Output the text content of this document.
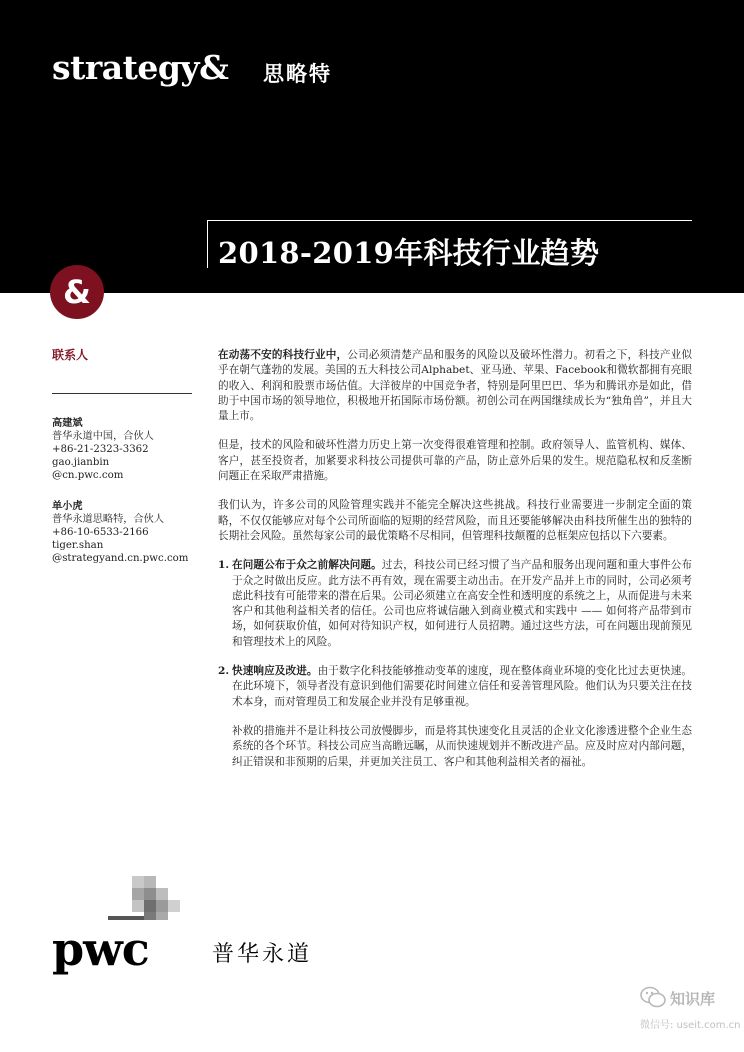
strategy& 思略特
2018-2019年科技行业趋势
&
联系人
高建斌
普华永道中国，合伙人
+86-21-2323-3362
gao.jianbin
@cn.pwc.com
单小虎
普华永道思略特，合伙人
+86-10-6533-2166
tiger.shan
@strategyand.cn.pwc.com

在动荡不安的科技行业中，公司必须清楚产品和服务的风险以及破坏性潜力。初看之下，科技产业似乎在朝气蓬勃的发展。美国的五大科技公司Alphabet、亚马逊、苹果、Facebook和微软都拥有亮眼的收入、利润和股票市场估值。大洋彼岸的中国竞争者，特别是阿里巴巴、华为和腾讯亦是如此，借助于中国市场的领导地位，积极地开拓国际市场份额。初创公司在两国继续成长为“独角兽”，并且大量上市。

但是，技术的风险和破坏性潜力历史上第一次变得很难管理和控制。政府领导人、监管机构、媒体、客户，甚至投资者，加紧要求科技公司提供可靠的产品，防止意外后果的发生。规范隐私权和反垄断问题正在采取严肃措施。

我们认为，许多公司的风险管理实践并不能完全解决这些挑战。科技行业需要进一步制定全面的策略，不仅仅能够应对每个公司所面临的短期的经营风险，而且还要能够解决由科技所催生出的独特的长期社会风险。虽然每家公司的最优策略不尽相同，但管理科技颠覆的总框架应包括以下六要素。

1. 在问题公布于众之前解决问题。过去，科技公司已经习惯了当产品和服务出现问题和重大事件公布于众之时做出反应。此方法不再有效，现在需要主动出击。在开发产品并上市的同时，公司必须考虑此科技有可能带来的潜在后果。公司必须建立在高安全性和透明度的系统之上，从而促进与未来客户和其他利益相关者的信任。公司也应将诚信融入到商业模式和实践中 —— 如何将产品带到市场，如何获取价值，如何对待知识产权，如何进行人员招聘。通过这些方法，可在问题出现前预见和管理技术上的风险。

2. 快速响应及改进。由于数字化科技能够推动变革的速度，现在整体商业环境的变化比过去更快速。在此环境下，领导者没有意识到他们需要花时间建立信任和妥善管理风险。他们认为只要关注在技术本身，而对管理员工和发展企业并没有足够重视。

补救的措施并不是让科技公司放慢脚步，而是将其快速变化且灵活的企业文化渗透进整个企业生态系统的各个环节。科技公司应当高瞻远瞩，从而快速规划并不断改进产品。应及时应对内部问题，纠正错误和非预期的后果，并更加关注员工、客户和其他利益相关者的福祉。

pwc	普华永道
知识库
微信号: useit.com.cn
